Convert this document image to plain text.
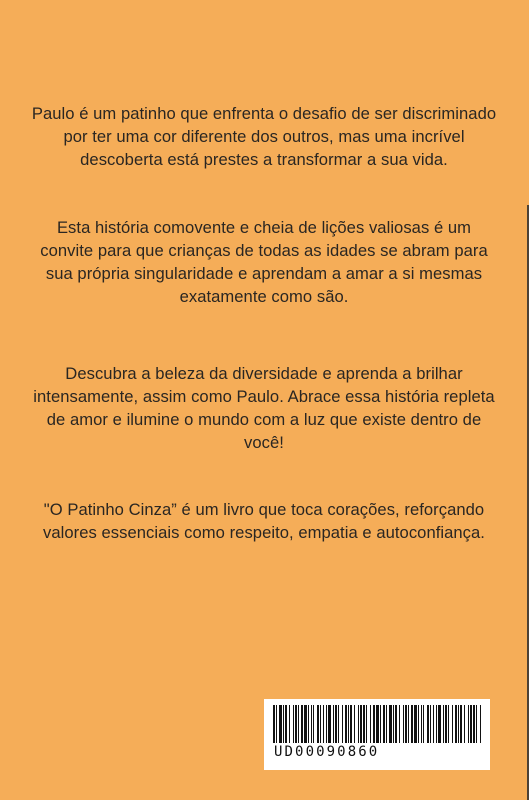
Paulo é um patinho que enfrenta o desafio de ser discriminado por ter uma cor diferente dos outros, mas uma incrível descoberta está prestes a transformar a sua vida.

Esta história comovente e cheia de lições valiosas é um convite para que crianças de todas as idades se abram para sua própria singularidade e aprendam a amar a si mesmas exatamente como são.

Descubra a beleza da diversidade e aprenda a brilhar intensamente, assim como Paulo. Abrace essa história repleta de amor e ilumine o mundo com a luz que existe dentro de você!

"O Patinho Cinza” é um livro que toca corações, reforçando valores essenciais como respeito, empatia e autoconfiança.

UD00090860
